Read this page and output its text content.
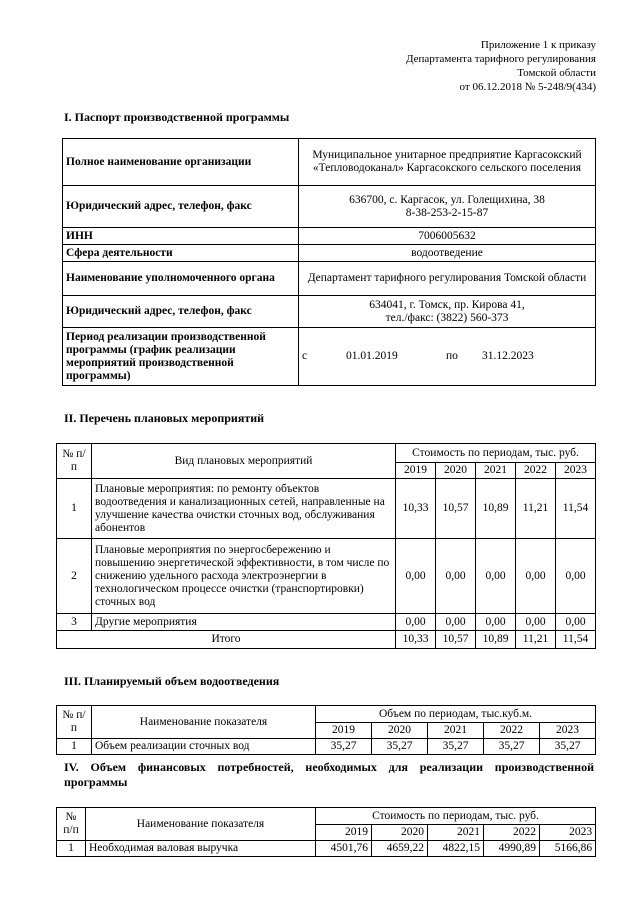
Приложение 1 к приказу
Департамента тарифного регулирования
Томской области
от 06.12.2018 № 5-248/9(434)
I. Паспорт производственной программы
Полное наименование организации	Муниципальное унитарное предприятие Каргасокский «Тепловодоканал» Каргасокского сельского поселения
Юридический адрес, телефон, факс	636700, с. Каргасок, ул. Голещихина, 38
8-38-253-2-15-87

ИНН	7006005632
Сфера деятельности	водоотведение
Наименование уполномоченного органа	Департамент тарифного регулирования Томской области
Юридический адрес, телефон, факс	634041, г. Томск, пр. Кирова 41,
тел./факс: (3822) 560-373

Период реализации производственной программы (график реализации мероприятий производственной программы)	с 01.01.2019 по 31.12.2023
II. Перечень плановых мероприятий
№ п/п	Вид плановых мероприятий	Стоимость по периодам, тыс. руб.				
		2019	2020	2021	2022	2023
1	Плановые мероприятия: по ремонту объектов водоотведения и канализационных сетей, направленные на улучшение качества очистки сточных вод, обслуживания абонентов	10,33	10,57	10,89	11,21	11,54
2	Плановые мероприятия по энергосбережению и повышению энергетической эффективности, в том числе по снижению удельного расхода электроэнергии в технологическом процессе очистки (транспортировки) сточных вод	0,00	0,00	0,00	0,00	0,00
3	Другие мероприятия	0,00	0,00	0,00	0,00	0,00
Итого		10,33	10,57	10,89	11,21	11,54
III. Планируемый объем водоотведения
№ п/п	Наименование показателя	Объем по периодам, тыс.куб.м.				
		2019	2020	2021	2022	2023
1	Объем реализации сточных вод	35,27	35,27	35,27	35,27	35,27
IV. Объем финансовых потребностей, необходимых для реализации производственной программы
№ п/п	Наименование показателя	Стоимость по периодам, тыс. руб.				
		2019	2020	2021	2022	2023
1	Необходимая валовая выручка	4501,76	4659,22	4822,15	4990,89	5166,86
